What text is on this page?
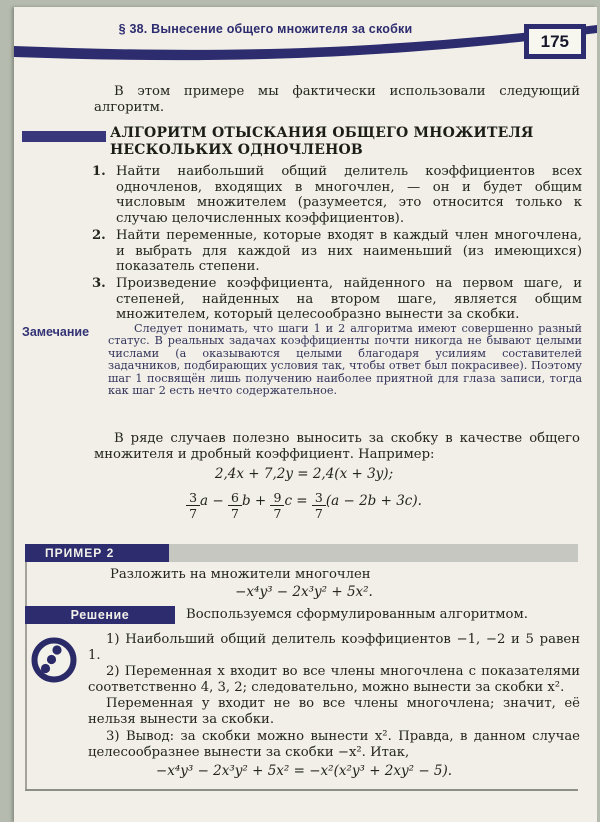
§ 38. Вынесение общего множителя за скобки
175
В этом примере мы фактически использовали следующий алгоритм.
АЛГОРИТМ ОТЫСКАНИЯ ОБЩЕГО МНОЖИТЕЛЯ
НЕСКОЛЬКИХ ОДНОЧЛЕНОВ
1. Найти наибольший общий делитель коэффициентов всех одночленов, входящих в многочлен, — он и будет общим числовым множителем (разумеется, это относится только к случаю целочисленных коэффициентов).
2. Найти переменные, которые входят в каждый член многочлена, и выбрать для каждой из них наименьший (из имеющихся) показатель степени.
3. Произведение коэффициента, найденного на первом шаге, и степеней, найденных на втором шаге, является общим множителем, который целесообразно вынести за скобки.
Замечание	Следует понимать, что шаги 1 и 2 алгоритма имеют совершенно разный статус. В реальных задачах коэффициенты почти никогда не бывают целыми числами (а оказываются целыми благодаря усилиям составителей задачников, подбирающих условия так, чтобы ответ был покрасивее). Поэтому шаг 1 посвящён лишь получению наиболее приятной для глаза записи, тогда как шаг 2 есть нечто содержательное.
В ряде случаев полезно выносить за скобку в качестве общего множителя и дробный коэффициент. Например:
2,4x + 7,2y = 2,4(x + 3y);
$\frac{3}{7}$ $a - \frac{6}{7}$ $b + \frac{9}{7}$ $c = \frac{3}{7} (a - 2b + 3c)$.
ПРИМЕР 2
Разложить на множители многочлен
−x⁴y³ − 2x³y² + 5x².
Решение	Воспользуемся сформулированным алгоритмом.

1) Наибольший общий делитель коэффициентов −1, −2 и 5 равен 1.

2) Переменная x входит во все члены многочлена с показателями соответственно 4, 3, 2; следовательно, можно вынести за скобки x².

Переменная y входит не во все члены многочлена; значит, её нельзя вынести за скобки.

3) Вывод: за скобки можно вынести x². Правда, в данном случае целесообразнее вынести за скобки −x². Итак,

−x⁴y³ − 2x³y² + 5x² = −x²(x²y³ + 2xy² − 5).
